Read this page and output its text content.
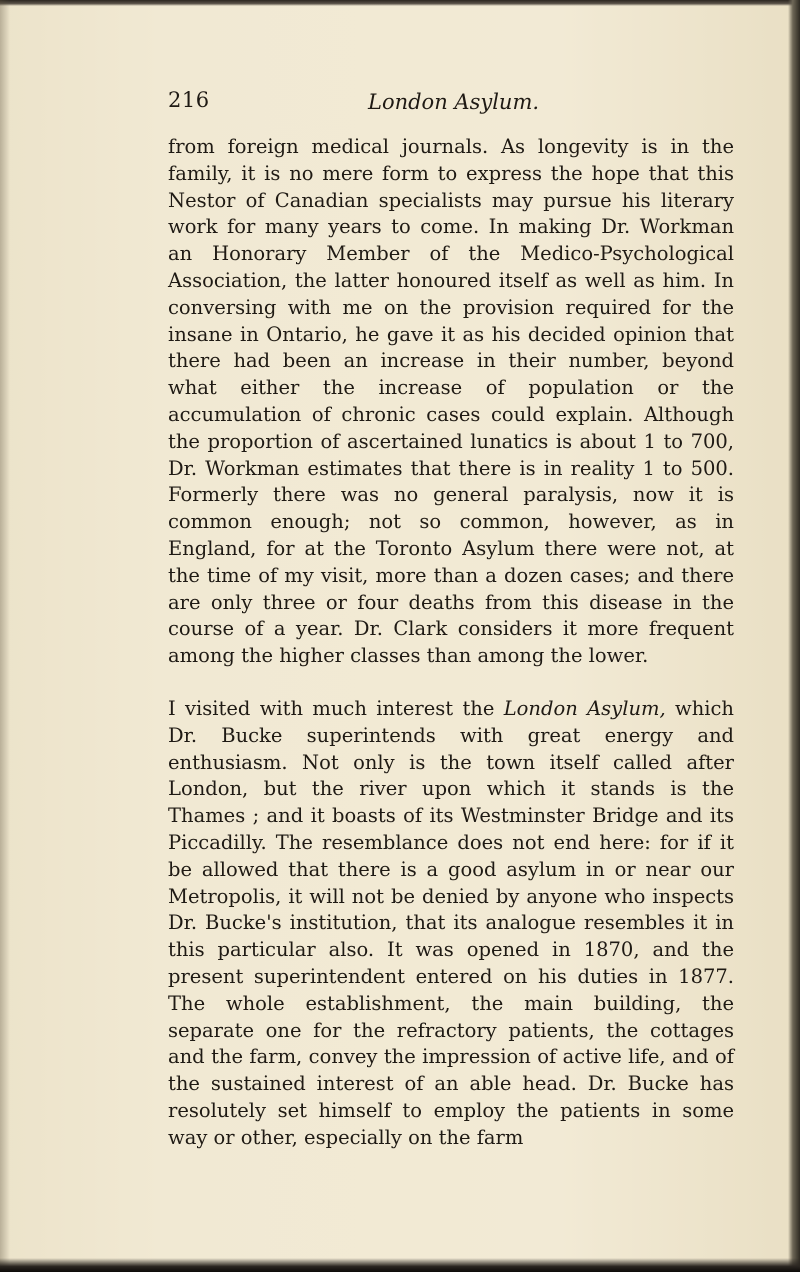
216	London Asylum.

from foreign medical journals. As longevity is in the family, it is no mere form to express the hope that this Nestor of Canadian specialists may pursue his literary work for many years to come. In making Dr. Workman an Honorary Member of the Medico-Psychological Association, the latter honoured itself as well as him. In conversing with me on the provision required for the insane in Ontario, he gave it as his decided opinion that there had been an increase in their number, beyond what either the increase of population or the accumulation of chronic cases could explain. Although the proportion of ascertained lunatics is about 1 to 700, Dr. Workman estimates that there is in reality 1 to 500. Formerly there was no general paralysis, now it is common enough; not so common, however, as in England, for at the Toronto Asylum there were not, at the time of my visit, more than a dozen cases; and there are only three or four deaths from this disease in the course of a year. Dr. Clark considers it more frequent among the higher classes than among the lower.

I visited with much interest the London Asylum, which Dr. Bucke superintends with great energy and enthusiasm. Not only is the town itself called after London, but the river upon which it stands is the Thames ; and it boasts of its Westminster Bridge and its Piccadilly. The resemblance does not end here: for if it be allowed that there is a good asylum in or near our Metropolis, it will not be denied by anyone who inspects Dr. Bucke's institution, that its analogue resembles it in this particular also. It was opened in 1870, and the present superintendent entered on his duties in 1877. The whole establishment, the main building, the separate one for the refractory patients, the cottages and the farm, convey the impression of active life, and of the sustained interest of an able head. Dr. Bucke has resolutely set himself to employ the patients in some way or other, especially on the farm
